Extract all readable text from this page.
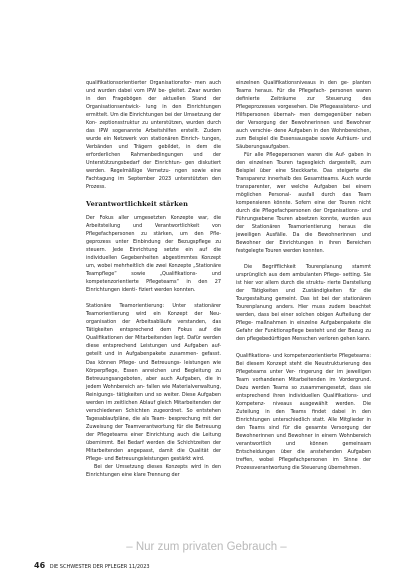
qualifikationsorientierter Organisationsfor- men auch und wurden dabei vom IPW be- gleitet. Zwar wurden in den Fragebögen der aktuellen Stand der Organisationsentwick- lung in den Einrichtungen ermittelt. Um die Einrichtungen bei der Umsetzung der Kon- zeptionsstruktur zu unterstützen, wurden durch das IPW sogenannte Arbeitshilfen erstellt. Zudem wurde ein Netzwerk von stationären Einrich- tungen, Verbänden und Trägern gebildet, in dem die erforderlichen Rahmenbedingungen und der Unterstützungsbedarf der Einrichtun- gen diskutiert werden. Regelmäßige Vernetzu- ngen sowie eine Fachtagung im September 2023 unterstützten den Prozess.

Verantwortlichkeit stärken

Der Fokus aller umgesetzten Konzepte war, die Arbeitsteilung und Verantwortlichkeit von Pflegefachpersonen zu stärken, um den Pfle- geprozess unter Einbindung der Bezugspflege zu steuern. Jede Einrichtung setzte ein auf die individuellen Gegebenheiten abgestimmtes Konzept um, wobei mehrheitlich die zwei Konzepte „Stationäre Teampflege“ sowie „Qualifikations- und kompetenzorientierte Pflegeteams“ in den 27 Einrichtungen identi- fiziert werden konnten.

Stationäre Teamorientierung: Unter stationärer Teamorientierung wird ein Konzept der Neu- organisation der Arbeitsabläufe verstanden, das Tätigkeiten entsprechend dem Fokus auf die Qualifikationen der Mitarbeitenden legt. Dafür werden diese entsprechend Leistungen und Aufgaben auf- geteilt und in Aufgabenpakete zusammen- gefasst. Das können Pflege- und Betreuungs- leistungen wie Körperpflege, Essen anreichen und Begleitung zu Betreuungsangeboten, aber auch Aufgaben, die in jedem Wohnbereich an- fallen wie Materialverwaltung, Reinigungs- tätigkeiten und so weiter. Diese Aufgaben werden im zeitlichen Ablauf gleich Mitarbeitenden der verschiedenen Schichten zugeordnet. So entstehen Tagesablaufpläne, die als Team- besprechung mit der Zuweisung der Teamverantwortung für die Betreuung der Pflegeteams einer Einrichtung auch die Leitung übernimmt. Bei Bedarf werden die Schichtzeiten der Mitarbeitenden angepasst, damit die Qualität der Pflege- und Betreuungsleistungen gestärkt wird.

Bei der Umsetzung dieses Konzepts wird in den Einrichtungen eine klare Trennung der

einzelnen Qualifikationsniveaus in den ge- planten Teams heraus. Für die Pflegefach- personen waren definierte Zeiträume zur Steuerung des Pflegeprozesses vorgesehen. Die Pflegeassistenz- und Hilfspersonen übernah- men demgegenüber neben der Versorgung der Bewohnerinnen und Bewohner auch verschie- dene Aufgaben in den Wohnbereichen, zum Beispiel die Essensausgabe sowie Aufräum- und Säuberungsaufgaben.

Für alle Pflegepersonen waren die Auf- gaben in den einzelnen Touren tagesgleich dargestellt, zum Beispiel über eine Steckkarte. Das steigerte die Transparenz innerhalb des Gesamtteams. Auch wurde transparenter, wer welche Aufgaben bei einem möglichen Personal- ausfall durch das Team kompensieren könnte. Sofern eine der Touren nicht durch die Pflegefachpersonen der Organisations- und Führungsebene Touren absetzen konnte, wurden aus der Stationären Teamorientierung heraus die jeweiligen Ausfälle. Da die Bewohnerinnen und Bewohner der Einrichtungen in ihren Bereichen festgelegte Touren werden konnten.

Die Begrifflichkeit Tourenplanung stammt ursprünglich aus dem ambulanten Pflege- setting. Sie ist hier vor allem durch die struktu- rierte Darstellung der Tätigkeiten und Zuständigkeiten für die Tourgestaltung gemeint. Das ist bei der stationären Tourenplanung anders. Hier muss zudem beachtet werden, dass bei einer solchen obigen Aufteilung der Pflege- maßnahmen in einzelne Aufgabenpakete die Gefahr der Funktionspflege besteht und der Bezug zu den pflegebedürftigen Menschen verloren gehen kann.

Qualifikations- und kompetenzorientierte Pflegeteams: Bei diesem Konzept steht die Neustrukturierung des Pflegeteams unter Ver- ringerung der im jeweiligen Team vorhandenen Mitarbeitenden im Vordergrund. Dazu werden Teams so zusammengesetzt, dass sie entsprechend ihren individuellen Qualifikations- und Kompetenz- niveaus ausgewählt werden. Die Zuteilung in den Teams findet dabei in den Einrichtungen unterschiedlich statt. Alle Mitglieder in den Teams sind für die gesamte Versorgung der Bewohnerinnen und Bewohner in einem Wohnbereich verantwortlich und können gemeinsam Entscheidungen über die anstehenden Aufgaben treffen, wobei Pflegefachpersonen im Sinne der Prozessverantwortung die Steuerung übernehmen.

– Nur zum privaten Gebrauch –
46 DIE SCHWESTER DER PFLEGER 11/2023
